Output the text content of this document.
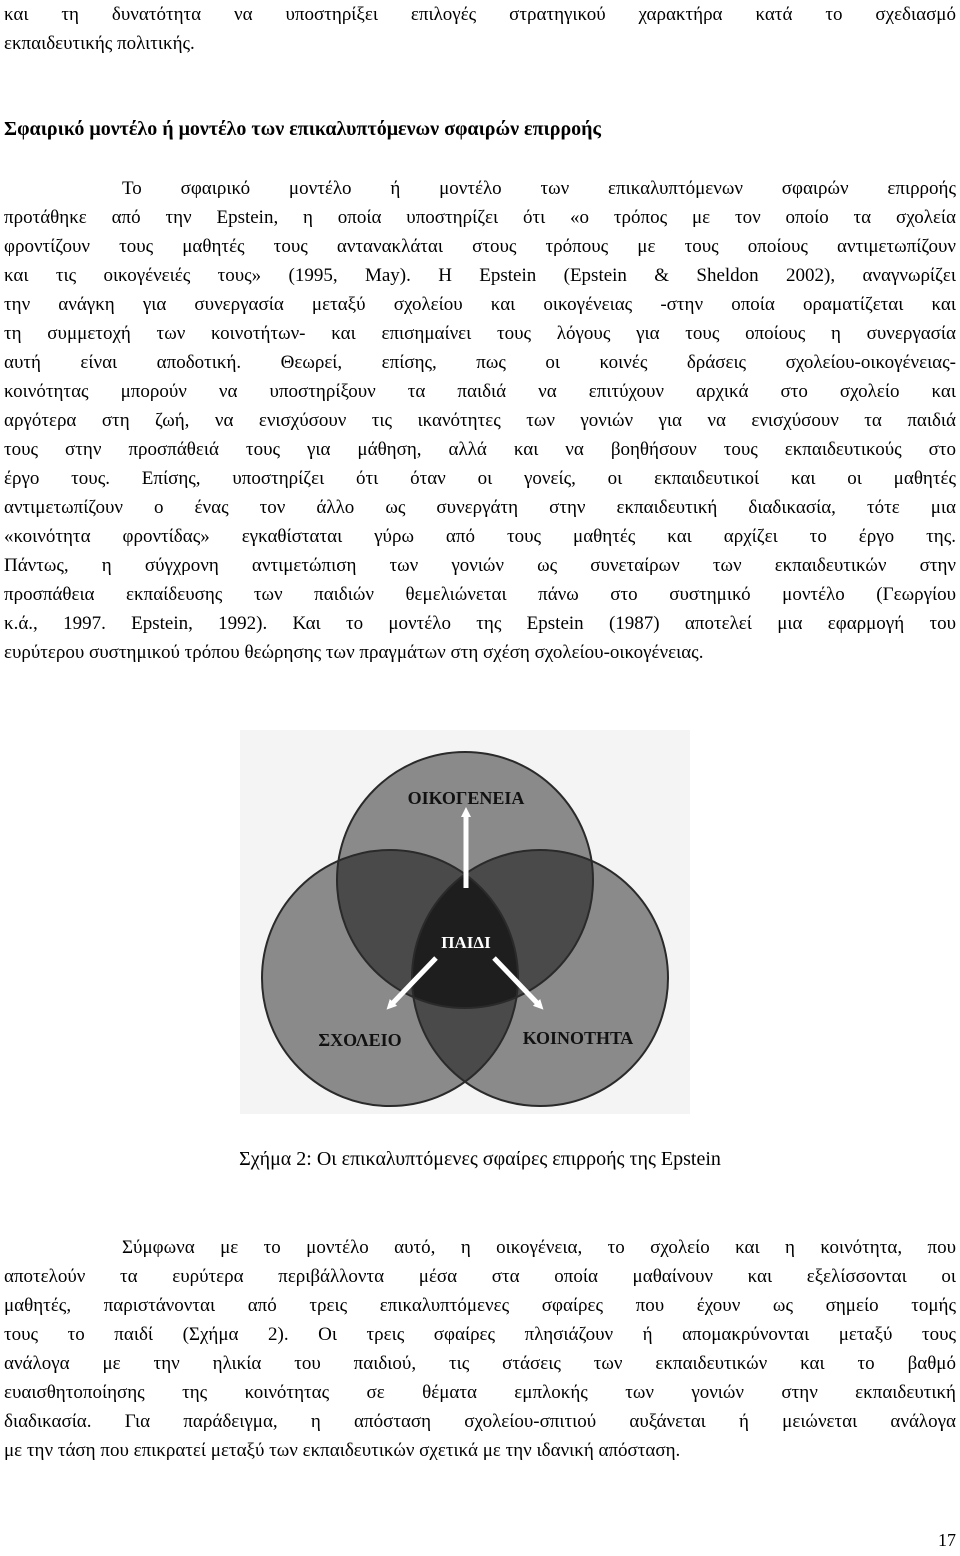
και τη δυνατότητα να υποστηρίξει επιλογές στρατηγικού χαρακτήρα κατά το σχεδιασμό
εκπαιδευτικής πολιτικής.

Σφαιρικό μοντέλο ή μοντέλο των επικαλυπτόμενων σφαιρών επιρροής

Το σφαιρικό μοντέλο ή μοντέλο των επικαλυπτόμενων σφαιρών επιρροής
προτάθηκε από την Epstein, η οποία υποστηρίζει ότι «ο τρόπος με τον οποίο τα σχολεία
φροντίζουν τους μαθητές τους αντανακλάται στους τρόπους με τους οποίους αντιμετωπίζουν
και τις οικογένειές τους» (1995, May). Η Epstein (Epstein & Sheldon 2002), αναγνωρίζει
την ανάγκη για συνεργασία μεταξύ σχολείου και οικογένειας -στην οποία οραματίζεται και
τη συμμετοχή των κοινοτήτων- και επισημαίνει τους λόγους για τους οποίους η συνεργασία
αυτή είναι αποδοτική. Θεωρεί, επίσης, πως οι κοινές δράσεις σχολείου-οικογένειας-
κοινότητας μπορούν να υποστηρίξουν τα παιδιά να επιτύχουν αρχικά στο σχολείο και
αργότερα στη ζωή, να ενισχύσουν τις ικανότητες των γονιών για να ενισχύσουν τα παιδιά
τους στην προσπάθειά τους για μάθηση, αλλά και να βοηθήσουν τους εκπαιδευτικούς στο
έργο τους. Επίσης, υποστηρίζει ότι όταν οι γονείς, οι εκπαιδευτικοί και οι μαθητές
αντιμετωπίζουν ο ένας τον άλλο ως συνεργάτη στην εκπαιδευτική διαδικασία, τότε μια
«κοινότητα φροντίδας» εγκαθίσταται γύρω από τους μαθητές και αρχίζει το έργο της.
Πάντως, η σύγχρονη αντιμετώπιση των γονιών ως συνεταίρων των εκπαιδευτικών στην
προσπάθεια εκπαίδευσης των παιδιών θεμελιώνεται πάνω στο συστημικό μοντέλο (Γεωργίου
κ.ά., 1997. Epstein, 1992). Και το μοντέλο της Epstein (1987) αποτελεί μια εφαρμογή του
ευρύτερου συστημικού τρόπου θεώρησης των πραγμάτων στη σχέση σχολείου-οικογένειας.
ΟΙΚΟΓΕΝΕΙΑ
ΠΑΙΔΙ
ΣΧΟΛΕΙΟ	ΚΟΙΝΟΤΗΤΑ

Σχήμα 2: Οι επικαλυπτόμενες σφαίρες επιρροής της Epstein

Σύμφωνα με το μοντέλο αυτό, η οικογένεια, το σχολείο και η κοινότητα, που
αποτελούν τα ευρύτερα περιβάλλοντα μέσα στα οποία μαθαίνουν και εξελίσσονται οι
μαθητές, παριστάνονται από τρεις επικαλυπτόμενες σφαίρες που έχουν ως σημείο τομής
τους το παιδί (Σχήμα 2). Οι τρεις σφαίρες πλησιάζουν ή απομακρύνονται μεταξύ τους
ανάλογα με την ηλικία του παιδιού, τις στάσεις των εκπαιδευτικών και το βαθμό
ευαισθητοποίησης της κοινότητας σε θέματα εμπλοκής των γονιών στην εκπαιδευτική
διαδικασία. Για παράδειγμα, η απόσταση σχολείου-σπιτιού αυξάνεται ή μειώνεται ανάλογα
με την τάση που επικρατεί μεταξύ των εκπαιδευτικών σχετικά με την ιδανική απόσταση.

17
